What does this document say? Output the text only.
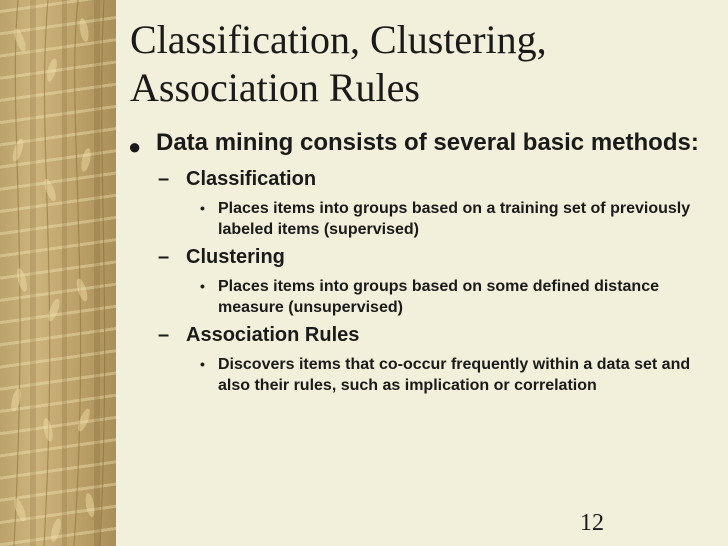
Classification, Clustering,
Association Rules
● Data mining consists of several basic methods:
– Classification
• Places items into groups based on a training set of previously labeled items (supervised)
– Clustering
• Places items into groups based on some defined distance measure (unsupervised)
– Association Rules
• Discovers items that co-occur frequently within a data set and also their rules, such as implication or correlation
12
